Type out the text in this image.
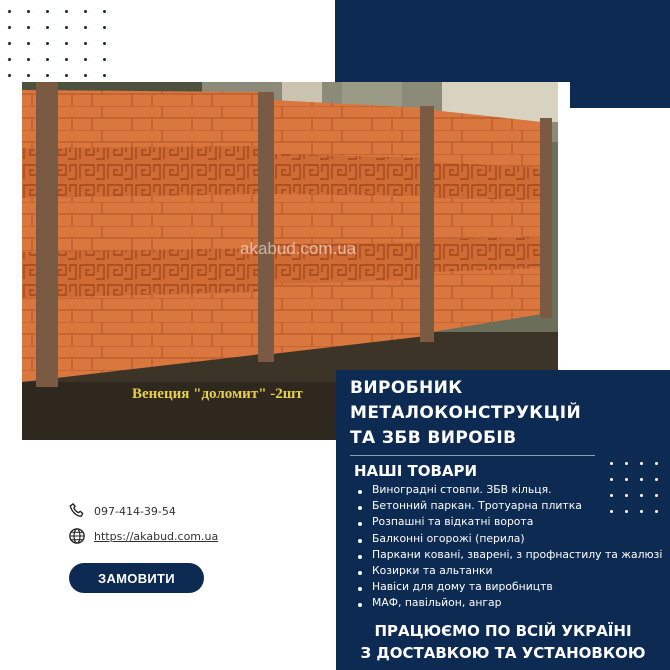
akabud.com.ua
Венеция "доломит" -2шт	ВИРОБНИК
МЕТАЛОКОНСТРУКЦІЙ
ТА ЗБВ ВИРОБІВ
НАШІ ТОВАРИ
Виноградні стовпи. ЗБВ кільця.
Бетонний паркан. Тротуарна плитка
Розпашні та відкатні ворота
Балконні огорожі (перила)
Паркани ковані, зварені, з профнастилу та жалюзі
Козирки та альтанки
Навіси для дому та виробництв
МАФ, павільйон, ангар
ПРАЦЮЄМО ПО ВСІЙ УКРАЇНІ
З ДОСТАВКОЮ ТА УСТАНОВКОЮ
097-414-39-54
https://akabud.com.ua
ЗАМОВИТИ
